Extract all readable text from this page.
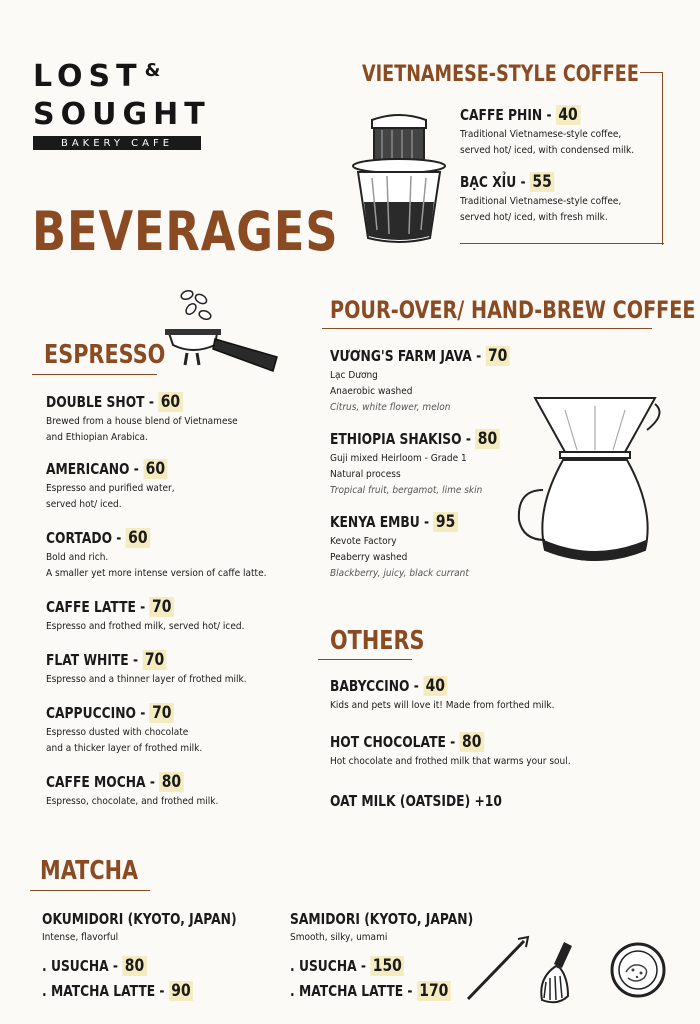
LOST &
SOUGHT
BAKERY CAFE
BEVERAGES
VIETNAMESE-STYLE COFFEE
CAFFE PHIN - 40
Traditional Vietnamese-style coffee,
served hot/ iced, with condensed milk.
BẠC XỈU - 55
Traditional Vietnamese-style coffee,
served hot/ iced, with fresh milk.
ESPRESSO
DOUBLE SHOT - 60
Brewed from a house blend of Vietnamese
and Ethiopian Arabica.
AMERICANO - 60
Espresso and purified water,
served hot/ iced.
CORTADO - 60
Bold and rich.
A smaller yet more intense version of caffe latte.
CAFFE LATTE - 70
Espresso and frothed milk, served hot/ iced.
FLAT WHITE - 70
Espresso and a thinner layer of frothed milk.
CAPPUCCINO - 70
Espresso dusted with chocolate
and a thicker layer of frothed milk.
CAFFE MOCHA - 80
Espresso, chocolate, and frothed milk.
POUR-OVER/ HAND-BREW COFFEE
VƯƠNG'S FARM JAVA - 70
Lạc Dương
Anaerobic washed
Citrus, white flower, melon
ETHIOPIA SHAKISO - 80
Guji mixed Heirloom - Grade 1
Natural process
Tropical fruit, bergamot, lime skin
KENYA EMBU - 95
Kevote Factory
Peaberry washed
Blackberry, juicy, black currant
OTHERS
BABYCCINO - 40
Kids and pets will love it! Made from forthed milk.
HOT CHOCOLATE - 80
Hot chocolate and frothed milk that warms your soul.
OAT MILK (OATSIDE) +10
MATCHA
OKUMIDORI (KYOTO, JAPAN)
Intense, flavorful
. USUCHA - 80
. MATCHA LATTE - 90
SAMIDORI (KYOTO, JAPAN)
Smooth, silky, umami
. USUCHA - 150
. MATCHA LATTE - 170
